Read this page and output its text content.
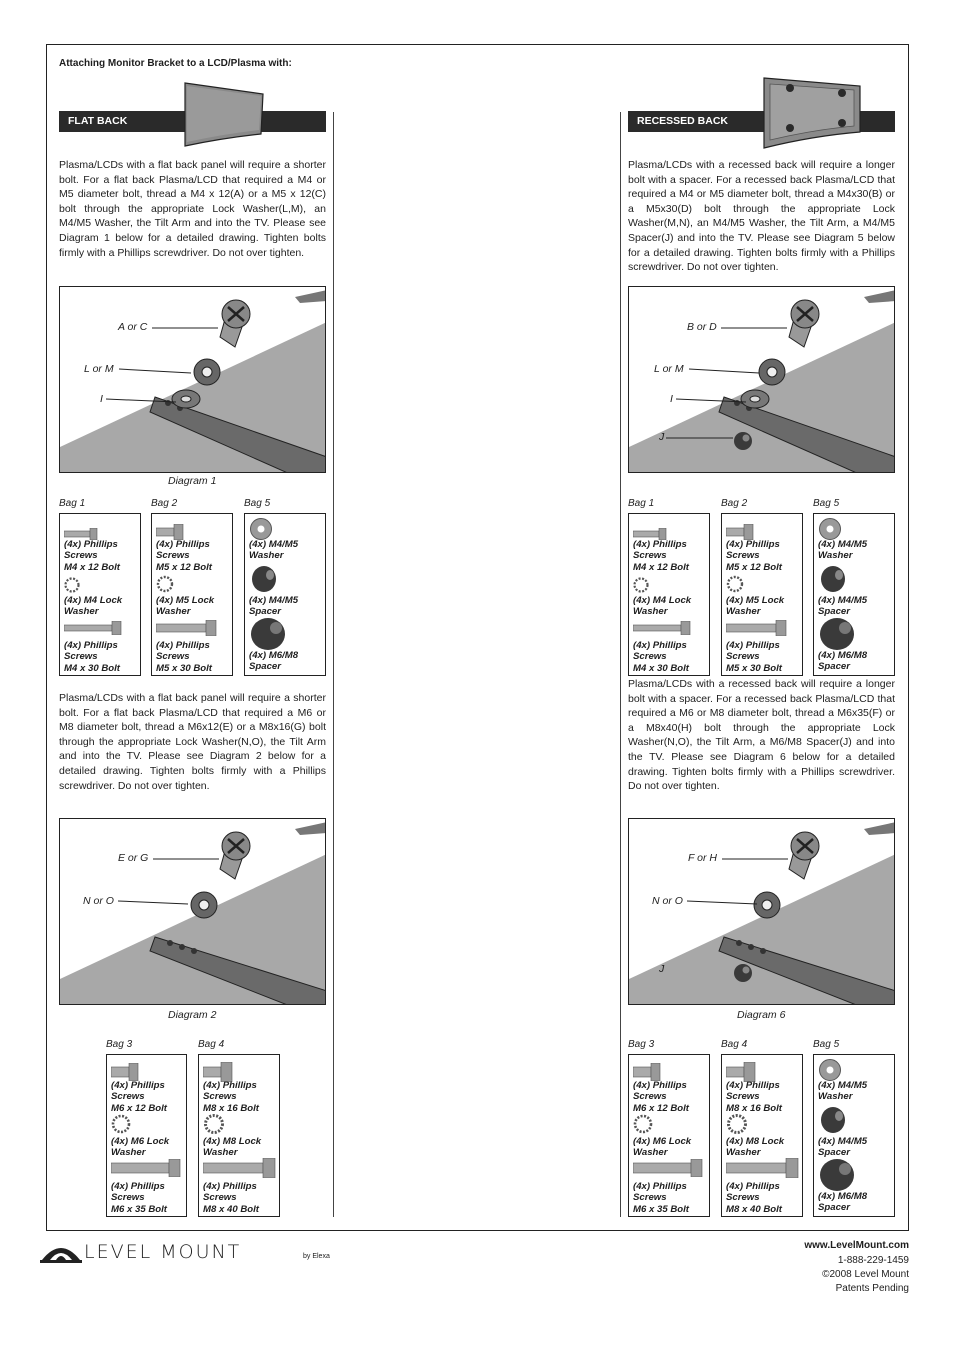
Attaching Monitor Bracket to a LCD/Plasma with:
FLAT BACK
Plasma/LCDs with a flat back panel will require a shorter bolt. For a flat back Plasma/LCD that required a M4 or M5 diameter bolt, thread a M4 x 12(A) or a M5 x 12(C) bolt through the appropriate Lock Washer(L,M), an M4/M5 Washer, the Tilt Arm and into the TV. Please see Diagram 1 below for a detailed drawing. Tighten bolts firmly with a Phillips screwdriver. Do not over tighten.
A or C
L or M
I
Diagram 1
Bag 1	Bag 2	Bag 5
(4x) Phillips
Screws
M4 x 12 Bolt
(4x) M4 Lock
Washer
(4x) Phillips
Screws
M4 x 30 Bolt
(4x) Phillips
Screws
M5 x 12 Bolt
(4x) M5 Lock
Washer
(4x) Phillips
Screws
M5 x 30 Bolt
(4x) M4/M5
Washer
(4x) M4/M5
Spacer
(4x) M6/M8
Spacer
Plasma/LCDs with a flat back panel will require a shorter bolt. For a flat back Plasma/LCD that required a M6 or M8 diameter bolt, thread a M6x12(E) or a M8x16(G) bolt through the appropriate Lock Washer(N,O), the Tilt Arm and into the TV. Please see Diagram 2 below for a detailed drawing. Tighten bolts firmly with a Phillips screwdriver. Do not over tighten.
E or G
N or O
Diagram 2
Bag 3	Bag 4
(4x) Phillips
Screws
M6 x 12 Bolt
(4x) M6 Lock
Washer
(4x) Phillips
Screws
M6 x 35 Bolt
(4x) Phillips
Screws
M8 x 16 Bolt
(4x) M8 Lock
Washer
(4x) Phillips
Screws
M8 x 40 Bolt
RECESSED BACK
Plasma/LCDs with a recessed back will require a longer bolt with a spacer. For a recessed back Plasma/LCD that required a M4 or M5 diameter bolt, thread a M4x30(B) or a M5x30(D) bolt through the appropriate Lock Washer(M,N), an M4/M5 Washer, the Tilt Arm, a M4/M5 Spacer(J) and into the TV. Please see Diagram 5 below for a detailed drawing. Tighten bolts firmly with a Phillips screwdriver. Do not over tighten.
B or D
L or M
I
J
Bag 1	Bag 2	Bag 5
(4x) Phillips
Screws
M4 x 12 Bolt
(4x) M4 Lock
Washer
(4x) Phillips
Screws
M4 x 30 Bolt
(4x) Phillips
Screws
M5 x 12 Bolt
(4x) M5 Lock
Washer
(4x) Phillips
Screws
M5 x 30 Bolt
(4x) M4/M5
Washer
(4x) M4/M5
Spacer
(4x) M6/M8
Spacer
Plasma/LCDs with a recessed back will require a longer bolt with a spacer. For a recessed back Plasma/LCD that required a M6 or M8 diameter bolt, thread a M6x35(F) or a M8x40(H) bolt through the appropriate Lock Washer(N,O), the Tilt Arm, a M6/M8 Spacer(J) and into the TV. Please see Diagram 6 below for a detailed drawing. Tighten bolts firmly with a Phillips screwdriver. Do not over tighten.
F or H
N or O
J
Diagram 6
Bag 3	Bag 4	Bag 5
(4x) Phillips
Screws
M6 x 12 Bolt
(4x) M6 Lock
Washer
(4x) Phillips
Screws
M6 x 35 Bolt
(4x) Phillips
Screws
M8 x 16 Bolt
(4x) M8 Lock
Washer
(4x) Phillips
Screws
M8 x 40 Bolt
(4x) M4/M5
Washer
(4x) M4/M5
Spacer
(4x) M6/M8
Spacer
LEVEL MOUNT	by Elexa
www.LevelMount.com
1-888-229-1459
©2008 Level Mount
Patents Pending
